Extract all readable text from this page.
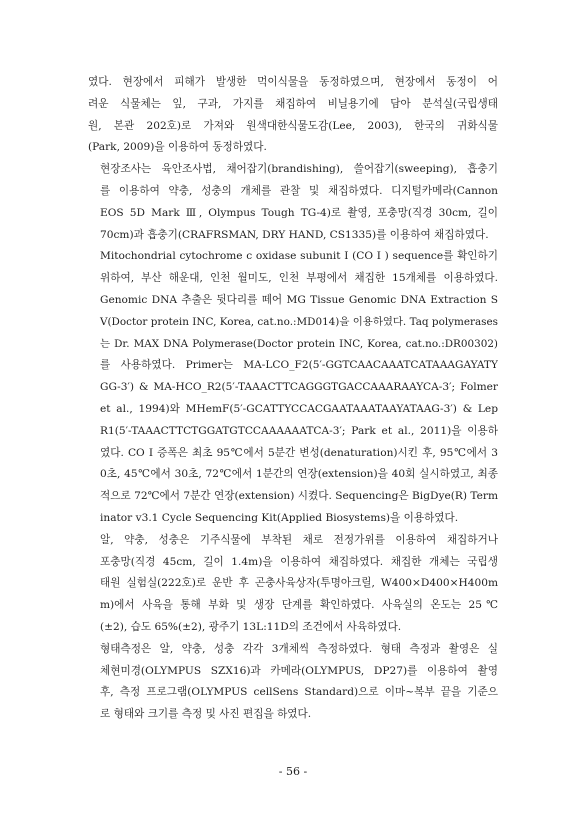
였다. 현장에서 피해가 발생한 먹이식물을 동정하였으며, 현장에서 동정이 어
려운 식물체는 잎, 구과, 가지를 채집하여 비닐용기에 담아 분석실(국립생태
원, 본관 202호)로 가져와 원색대한식물도감(Lee, 2003), 한국의 귀화식물
(Park, 2009)을 이용하여 동정하였다.
현장조사는 육안조사법, 채어잡기(brandishing), 쓸어잡기(sweeping), 흡충기
를 이용하여 약충, 성충의 개체를 관찰 및 채집하였다. 디지털카메라(Cannon
EOS 5D Mark Ⅲ, Olympus Tough TG-4)로 촬영, 포충망(직경 30cm, 길이
70cm)과 흡충기(CRAFRSMAN, DRY HAND, CS1335)를 이용하여 채집하였다.
Mitochondrial cytochrome c oxidase subunit I (CO I ) sequence를 확인하기
위하여, 부산 해운대, 인천 월미도, 인천 부평에서 채집한 15개체를 이용하였다.
Genomic DNA 추출은 뒷다리를 떼어 MG Tissue Genomic DNA Extraction S
V(Doctor protein INC, Korea, cat.no.:MD014)을 이용하였다. Taq polymerases
는 Dr. MAX DNA Polymerase(Doctor protein INC, Korea, cat.no.:DR00302)
를 사용하였다. Primer는 MA-LCO_F2(5′-GGTCAACAAATCATAAAGAYATY
GG-3′) & MA-HCO_R2(5′-TAAACTTCAGGGTGACCAAARAAYCA-3′; Folmer
et al., 1994)와 MHemF(5′-GCATTYCCACGAATAAATAAYATAAG-3′) & Lep
R1(5′-TAAACTTCTGGATGTCCAAAAAATCA-3′; Park et al., 2011)을 이용하
였다. CO I 증폭은 최초 95℃에서 5분간 변성(denaturation)시킨 후, 95℃에서 3
0초, 45℃에서 30초, 72℃에서 1분간의 연장(extension)을 40회 실시하였고, 최종
적으로 72℃에서 7분간 연장(extension) 시켰다. Sequencing은 BigDye(R) Term
inator v3.1 Cycle Sequencing Kit(Applied Biosystems)을 이용하였다.
알, 약충, 성충은 기주식물에 부착된 채로 전정가위를 이용하여 채집하거나
포충망(직경 45cm, 길이 1.4m)을 이용하여 채집하였다. 채집한 개체는 국립생
태원 실험실(222호)로 운반 후 곤충사육상자(투명아크릴, W400×D400×H400m
m)에서 사육을 통해 부화 및 생장 단계를 확인하였다. 사육실의 온도는 25℃
(±2), 습도 65%(±2), 광주기 13L:11D의 조건에서 사육하였다.
형태측정은 알, 약충, 성충 각각 3개체씩 측정하였다. 형태 측정과 촬영은 실
체현미경(OLYMPUS SZX16)과 카메라(OLYMPUS, DP27)를 이용하여 촬영
후, 측정 프로그램(OLYMPUS cellSens Standard)으로 이마~복부 끝을 기준으
로 형태와 크기를 측정 및 사진 편집을 하였다.
- 56 -
